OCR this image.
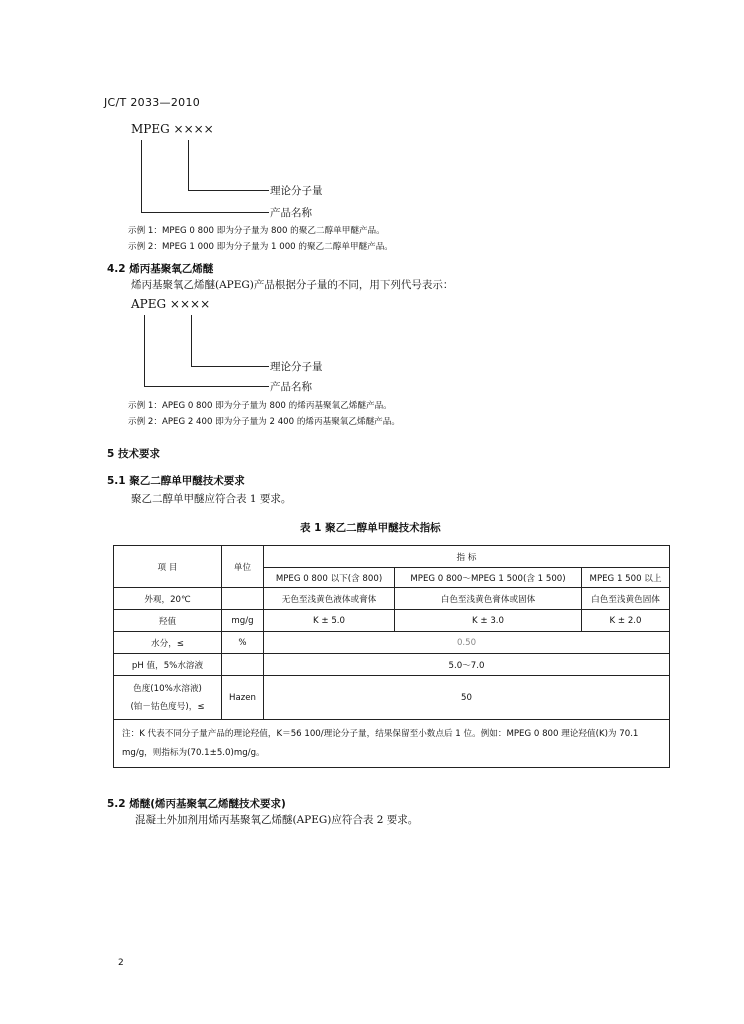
JC/T 2033—2010
MPEG ××××
理论分子量
产品名称
示例 1：MPEG 0 800 即为分子量为 800 的聚乙二醇单甲醚产品。
示例 2：MPEG 1 000 即为分子量为 1 000 的聚乙二醇单甲醚产品。
4.2 烯丙基聚氧乙烯醚
烯丙基聚氧乙烯醚(APEG)产品根据分子量的不同，用下列代号表示：
APEG ××××
理论分子量
产品名称
示例 1：APEG 0 800 即为分子量为 800 的烯丙基聚氧乙烯醚产品。
示例 2：APEG 2 400 即为分子量为 2 400 的烯丙基聚氧乙烯醚产品。
5 技术要求
5.1 聚乙二醇单甲醚技术要求
聚乙二醇单甲醚应符合表 1 要求。
表 1 聚乙二醇单甲醚技术指标
项 目	单位	指 标		
		MPEG 0 800 以下(含 800)	MPEG 0 800～MPEG 1 500(含 1 500)	MPEG 1 500 以上
外观，20℃		无色至浅黄色液体或膏体	白色至浅黄色膏体或固体	白色至浅黄色固体
羟值	mg/g	K ± 5.0	K ± 3.0	K ± 2.0
水分，≤	%	0.50		
pH 值，5%水溶液		5.0～7.0		

色度(10%水溶液)
(铂－钴色度号)，≤	Hazen	50		
注：K 代表不同分子量产品的理论羟值，K＝56 100/理论分子量，结果保留至小数点后 1 位。例如：MPEG 0 800 理论羟值(K)为 70.1 mg/g，则指标为(70.1±5.0)mg/g。				
5.2 烯醚(烯丙基聚氧乙烯醚技术要求)
混凝土外加剂用烯丙基聚氧乙烯醚(APEG)应符合表 2 要求。
2
